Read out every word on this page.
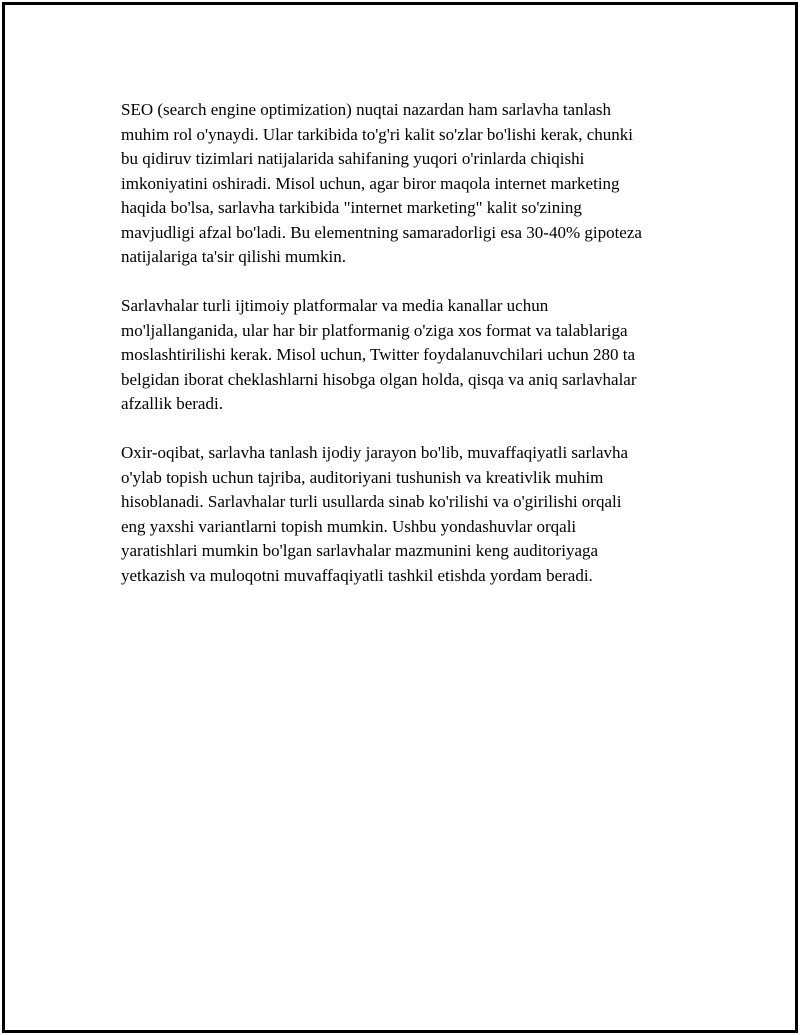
SEO (search engine optimization) nuqtai nazardan ham sarlavha tanlash
muhim rol o'ynaydi. Ular tarkibida to'g'ri kalit so'zlar bo'lishi kerak, chunki
bu qidiruv tizimlari natijalarida sahifaning yuqori o'rinlarda chiqishi
imkoniyatini oshiradi. Misol uchun, agar biror maqola internet marketing
haqida bo'lsa, sarlavha tarkibida "internet marketing" kalit so'zining
mavjudligi afzal bo'ladi. Bu elementning samaradorligi esa 30-40% gipoteza
natijalariga ta'sir qilishi mumkin.
Sarlavhalar turli ijtimoiy platformalar va media kanallar uchun
mo'ljallanganida, ular har bir platformanig o'ziga xos format va talablariga
moslashtirilishi kerak. Misol uchun, Twitter foydalanuvchilari uchun 280 ta
belgidan iborat cheklashlarni hisobga olgan holda, qisqa va aniq sarlavhalar
afzallik beradi.
Oxir-oqibat, sarlavha tanlash ijodiy jarayon bo'lib, muvaffaqiyatli sarlavha
o'ylab topish uchun tajriba, auditoriyani tushunish va kreativlik muhim
hisoblanadi. Sarlavhalar turli usullarda sinab ko'rilishi va o'girilishi orqali
eng yaxshi variantlarni topish mumkin. Ushbu yondashuvlar orqali
yaratishlari mumkin bo'lgan sarlavhalar mazmunini keng auditoriyaga
yetkazish va muloqotni muvaffaqiyatli tashkil etishda yordam beradi.
